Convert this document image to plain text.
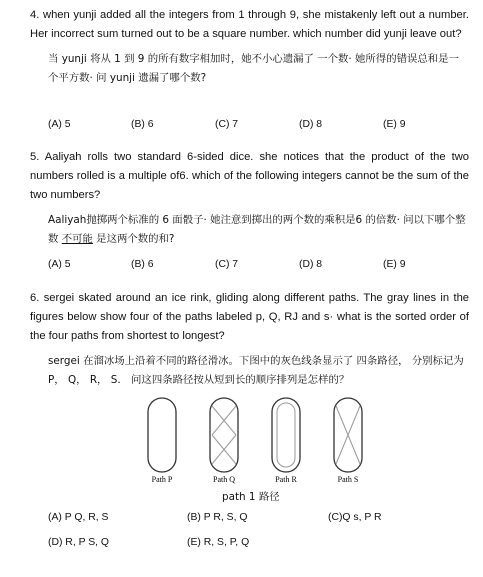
4. when yunji added all the integers from 1 through 9, she mistakenly left out a number. Her incorrect sum turned out to be a square number. which number did yunji leave out?
当 yunji 将从 1 到 9 的所有数字相加时，她不小心遗漏了 一个数· 她所得的错误总和是一个平方数· 问 yunji 遗漏了哪个数?
(A) 5	(B) 6	(C) 7	(D) 8	(E) 9
5. Aaliyah rolls two standard 6-sided dice. she notices that the product of the two numbers rolled is a multiple of6. which of the following integers cannot be the sum of the two numbers?
Aaliyah抛掷两个标准的 6 面骰子· 她注意到掷出的两个数的乘积是6 的倍数· 问以下哪个整数 不可能 是这两个数的和?
(A) 5	(B) 6	(C) 7	(D) 8	(E) 9
6. sergei skated around an ice rink, gliding along different paths. The gray lines in the figures below show four of the paths labeled p, Q, RJ and s· what is the sorted order of the four paths from shortest to longest?
sergei 在溜冰场上沿着不同的路径滑冰。下图中的灰色线条显示了 四条路径， 分别标记为 P， Q， R， S． 问这四条路径按从短到长的顺序排列是怎样的？
Path P	Path Q	Path R	Path S
path 1 路径
(A) P Q, R, S	(B) P R, S, Q	(C)Q s, P R
(D) R, P S, Q	(E) R, S, P, Q
